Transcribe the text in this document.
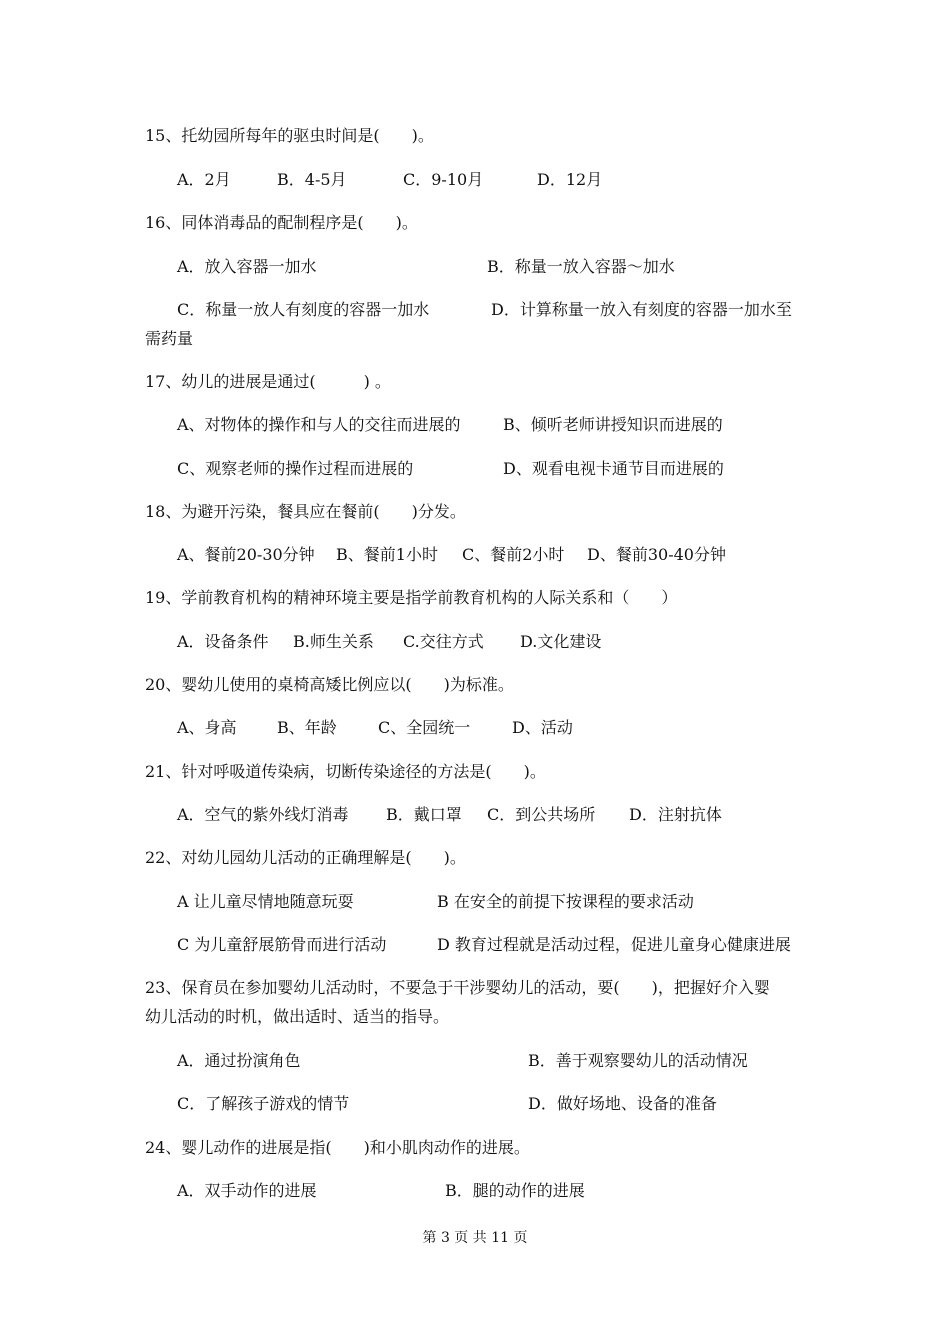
15、托幼园所每年的驱虫时间是(　　)。
A．2月	B．4-5月	C．9-10月	D．12月
16、同体消毒品的配制程序是(　　)。
A．放入容器一加水	B．称量一放入容器～加水
C．称量一放人有刻度的容器一加水	D．计算称量一放入有刻度的容器一加水至
需药量
17、幼儿的进展是通过(　　　) 。
A、对物体的操作和与人的交往而进展的	B、倾听老师讲授知识而进展的
C、观察老师的操作过程而进展的	D、观看电视卡通节目而进展的
18、为避开污染，餐具应在餐前(　　)分发。
A、餐前20-30分钟 B、餐前1小时 C、餐前2小时 D、餐前30-40分钟
19、学前教育机构的精神环境主要是指学前教育机构的人际关系和（　　）
A．设备条件 B.师生关系 C.交往方式 D.文化建设
20、婴幼儿使用的桌椅高矮比例应以(　　)为标准。
A、身高	B、年龄	C、全园统一	D、活动
21、针对呼吸道传染病，切断传染途径的方法是(　　)。
A．空气的紫外线灯消毒 B．戴口罩 C．到公共场所 D．注射抗体
22、对幼儿园幼儿活动的正确理解是(　　)。
A 让儿童尽情地随意玩耍	B 在安全的前提下按课程的要求活动
C 为儿童舒展筋骨而进行活动	D 教育过程就是活动过程，促进儿童身心健康进展
23、保育员在参加婴幼儿活动时，不要急于干涉婴幼儿的活动，要(　　)，把握好介入婴
幼儿活动的时机，做出适时、适当的指导。
A．通过扮演角色	B．善于观察婴幼儿的活动情况
C．了解孩子游戏的情节	D．做好场地、设备的准备
24、婴儿动作的进展是指(　　)和小肌肉动作的进展。
A．双手动作的进展	B．腿的动作的进展
第 3 页 共 11 页
